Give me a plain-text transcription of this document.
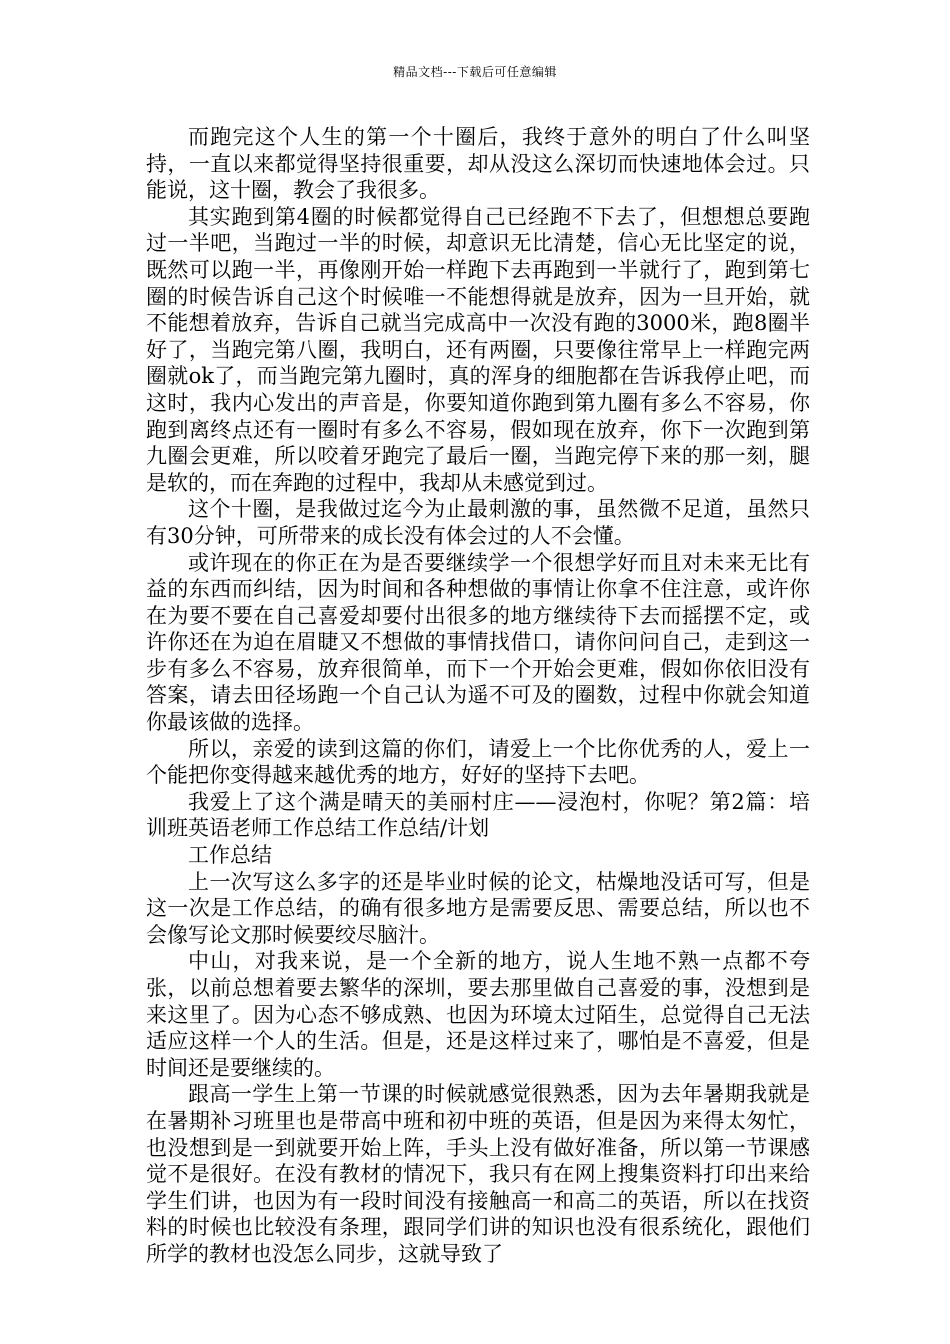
精品文档---下载后可任意编辑

而跑完这个人生的第一个十圈后，我终于意外的明白了什么叫坚持，一直以来都觉得坚持很重要，却从没这么深切而快速地体会过。只能说，这十圈，教会了我很多。

其实跑到第4圈的时候都觉得自己已经跑不下去了，但想想总要跑过一半吧，当跑过一半的时候，却意识无比清楚，信心无比坚定的说，既然可以跑一半，再像刚开始一样跑下去再跑到一半就行了，跑到第七圈的时候告诉自己这个时候唯一不能想得就是放弃，因为一旦开始，就不能想着放弃，告诉自己就当完成高中一次没有跑的3000米，跑8圈半好了，当跑完第八圈，我明白，还有两圈，只要像往常早上一样跑完两圈就ok了，而当跑完第九圈时，真的浑身的细胞都在告诉我停止吧，而这时，我内心发出的声音是，你要知道你跑到第九圈有多么不容易，你跑到离终点还有一圈时有多么不容易，假如现在放弃，你下一次跑到第九圈会更难，所以咬着牙跑完了最后一圈，当跑完停下来的那一刻，腿是软的，而在奔跑的过程中，我却从未感觉到过。

这个十圈，是我做过迄今为止最刺激的事，虽然微不足道，虽然只有30分钟，可所带来的成长没有体会过的人不会懂。

或许现在的你正在为是否要继续学一个很想学好而且对未来无比有益的东西而纠结，因为时间和各种想做的事情让你拿不住注意，或许你在为要不要在自己喜爱却要付出很多的地方继续待下去而摇摆不定，或许你还在为迫在眉睫又不想做的事情找借口，请你问问自己，走到这一步有多么不容易，放弃很简单，而下一个开始会更难，假如你依旧没有答案，请去田径场跑一个自己认为遥不可及的圈数，过程中你就会知道你最该做的选择。

所以，亲爱的读到这篇的你们，请爱上一个比你优秀的人，爱上一个能把你变得越来越优秀的地方，好好的坚持下去吧。

我爱上了这个满是晴天的美丽村庄——浸泡村，你呢？第2篇：培训班英语老师工作总结工作总结/计划

工作总结

上一次写这么多字的还是毕业时候的论文，枯燥地没话可写，但是这一次是工作总结，的确有很多地方是需要反思、需要总结，所以也不会像写论文那时候要绞尽脑汁。

中山，对我来说，是一个全新的地方，说人生地不熟一点都不夸张，以前总想着要去繁华的深圳，要去那里做自己喜爱的事，没想到是来这里了。因为心态不够成熟、也因为环境太过陌生，总觉得自己无法适应这样一个人的生活。但是，还是这样过来了，哪怕是不喜爱，但是时间还是要继续的。

跟高一学生上第一节课的时候就感觉很熟悉，因为去年暑期我就是在暑期补习班里也是带高中班和初中班的英语，但是因为来得太匆忙，也没想到是一到就要开始上阵，手头上没有做好准备，所以第一节课感觉不是很好。在没有教材的情况下，我只有在网上搜集资料打印出来给学生们讲，也因为有一段时间没有接触高一和高二的英语，所以在找资料的时候也比较没有条理，跟同学们讲的知识也没有很系统化，跟他们所学的教材也没怎么同步，这就导致了
